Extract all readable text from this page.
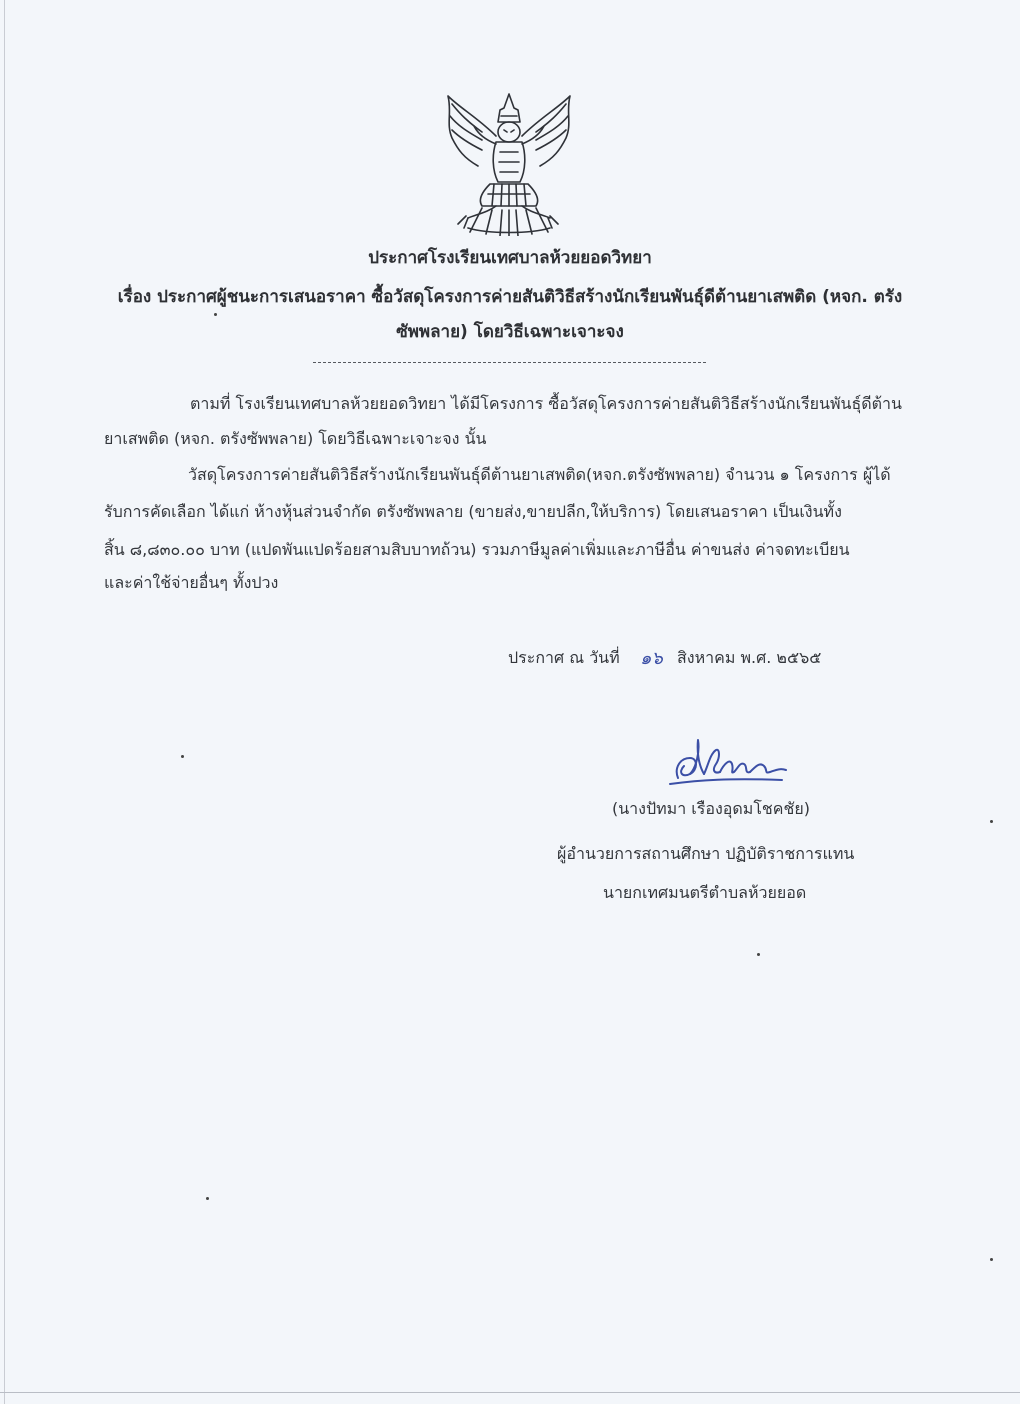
ประกาศโรงเรียนเทศบาลห้วยยอดวิทยา
เรื่อง ประกาศผู้ชนะการเสนอราคา ซื้อวัสดุโครงการค่ายสันติวิธีสร้างนักเรียนพันธุ์ดีต้านยาเสพติด (หจก. ตรัง
ซัพพลาย) โดยวิธีเฉพาะเจาะจง
ตามที่ โรงเรียนเทศบาลห้วยยอดวิทยา ได้มีโครงการ ซื้อวัสดุโครงการค่ายสันติวิธีสร้างนักเรียนพันธุ์ดีต้าน
ยาเสพติด (หจก. ตรังซัพพลาย) โดยวิธีเฉพาะเจาะจง นั้น
วัสดุโครงการค่ายสันติวิธีสร้างนักเรียนพันธุ์ดีต้านยาเสพติด(หจก.ตรังซัพพลาย) จำนวน ๑ โครงการ ผู้ได้
รับการคัดเลือก ได้แก่ ห้างหุ้นส่วนจำกัด ตรังซัพพลาย (ขายส่ง,ขายปลีก,ให้บริการ) โดยเสนอราคา เป็นเงินทั้ง
สิ้น ๘,๘๓๐.๐๐ บาท (แปดพันแปดร้อยสามสิบบาทถ้วน) รวมภาษีมูลค่าเพิ่มและภาษีอื่น ค่าขนส่ง ค่าจดทะเบียน
และค่าใช้จ่ายอื่นๆ ทั้งปวง
ประกาศ ณ วันที่ ๑๖ สิงหาคม พ.ศ. ๒๕๖๕
(นางปัทมา เรืองอุดมโชคชัย)
ผู้อำนวยการสถานศึกษา ปฏิบัติราชการแทน
นายกเทศมนตรีตำบลห้วยยอด
